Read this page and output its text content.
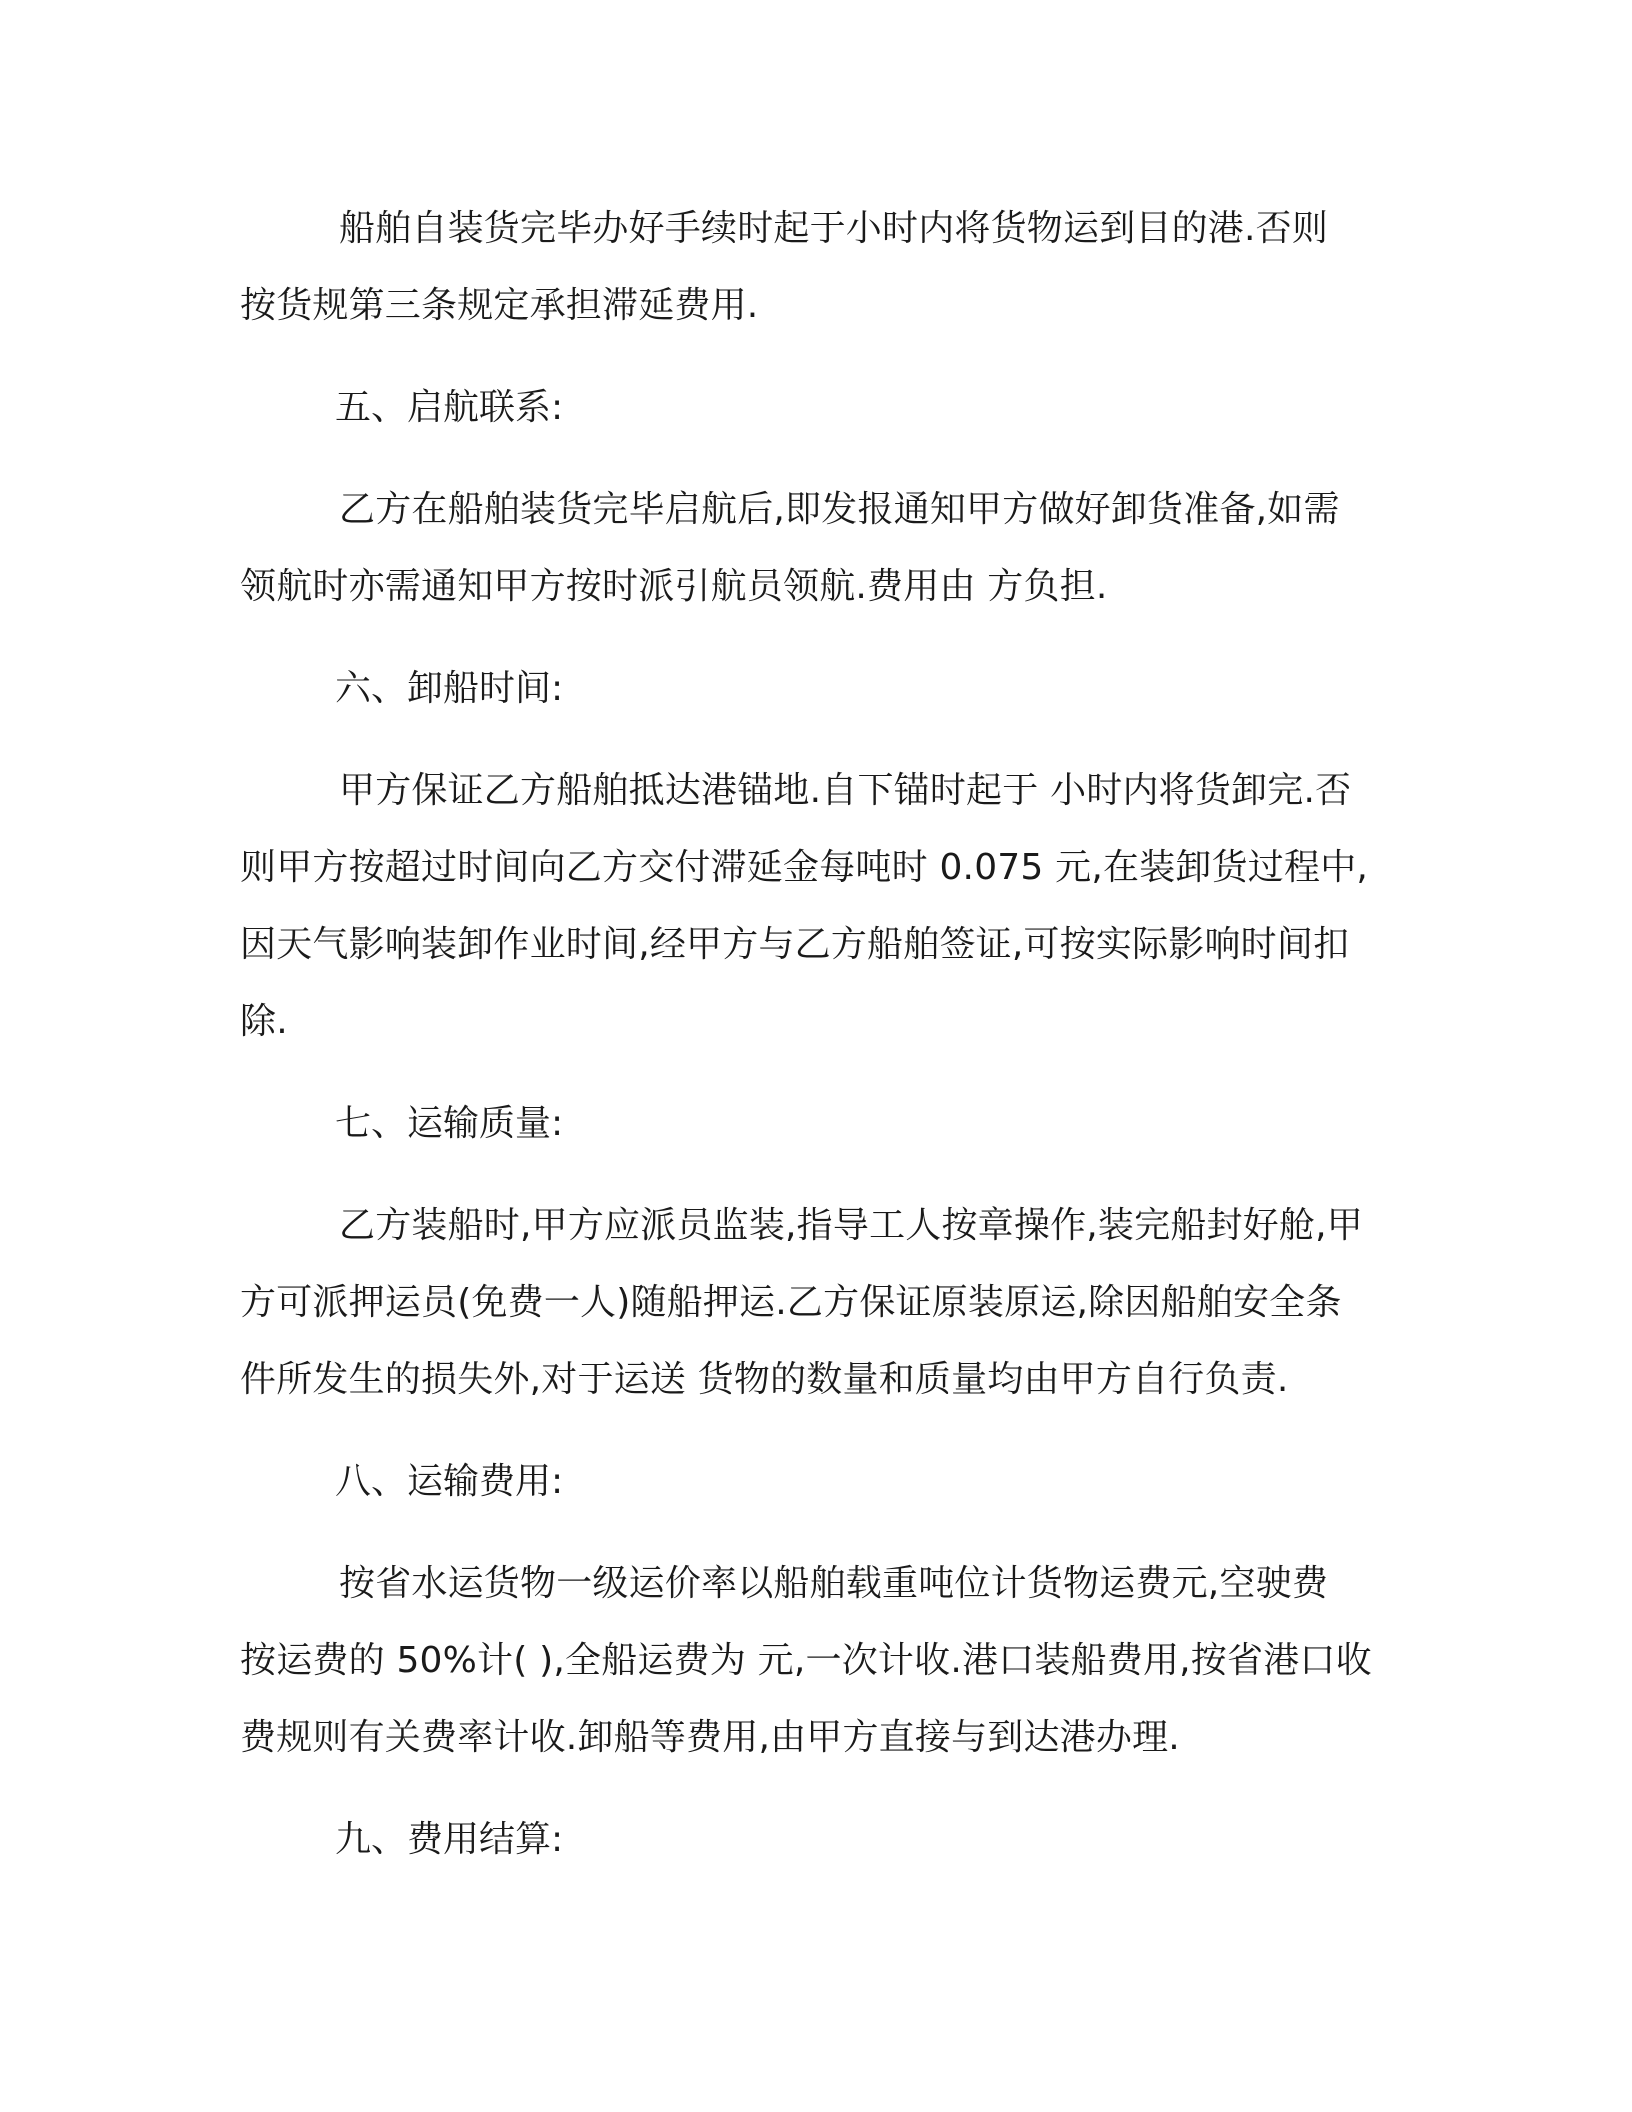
船舶自装货完毕办好手续时起于小时内将货物运到目的港.否则
按货规第三条规定承担滞延费用.
五、启航联系:
乙方在船舶装货完毕启航后,即发报通知甲方做好卸货准备,如需
领航时亦需通知甲方按时派引航员领航.费用由 方负担.
六、卸船时间:
甲方保证乙方船舶抵达港锚地.自下锚时起于 小时内将货卸完.否
则甲方按超过时间向乙方交付滞延金每吨时 0.075 元,在装卸货过程中,
因天气影响装卸作业时间,经甲方与乙方船舶签证,可按实际影响时间扣
除.
七、运输质量:
乙方装船时,甲方应派员监装,指导工人按章操作,装完船封好舱,甲
方可派押运员(免费一人)随船押运.乙方保证原装原运,除因船舶安全条
件所发生的损失外,对于运送 货物的数量和质量均由甲方自行负责.
八、运输费用:
按省水运货物一级运价率以船舶载重吨位计货物运费元,空驶费
按运费的 50%计( ),全船运费为 元,一次计收.港口装船费用,按省港口收
费规则有关费率计收.卸船等费用,由甲方直接与到达港办理.
九、费用结算:
